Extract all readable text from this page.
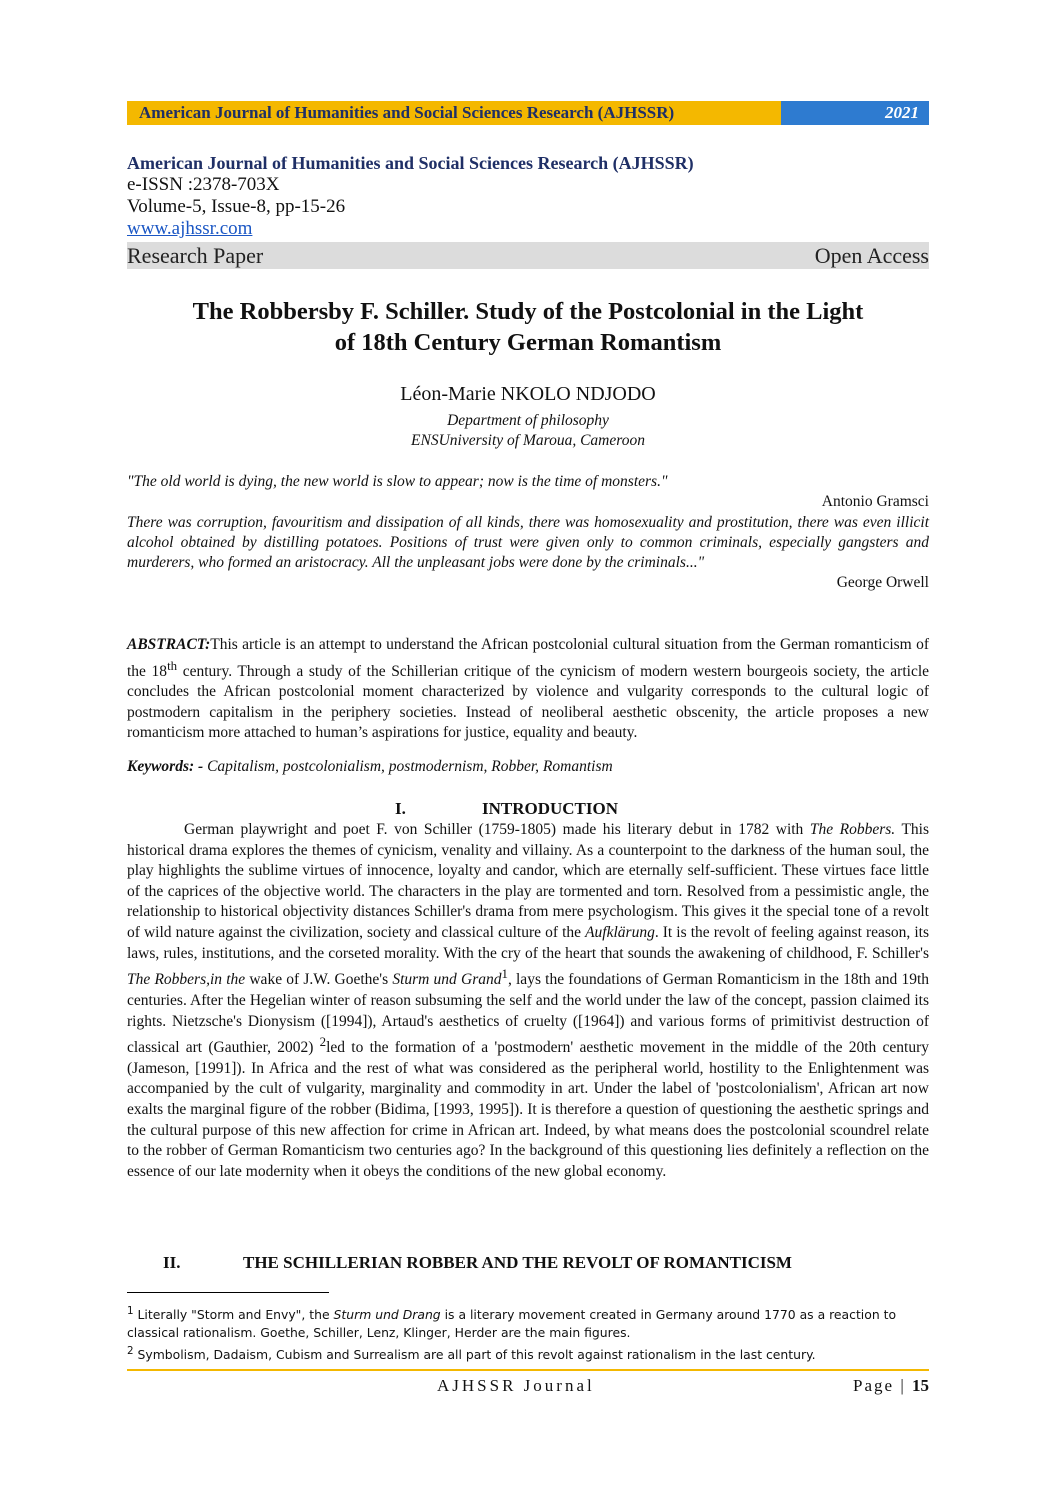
American Journal of Humanities and Social Sciences Research (AJHSSR)	2021
American Journal of Humanities and Social Sciences Research (AJHSSR)
e-ISSN :2378-703X
Volume-5, Issue-8, pp-15-26
www.ajhssr.com
Research Paper	Open Access
The Robbersby F. Schiller. Study of the Postcolonial in the Light
of 18th Century German Romantism
Léon-Marie NKOLO NDJODO
Department of philosophy
ENSUniversity of Maroua, Cameroon
"The old world is dying, the new world is slow to appear; now is the time of monsters."
Antonio Gramsci
There was corruption, favouritism and dissipation of all kinds, there was homosexuality and prostitution, there was even illicit alcohol obtained by distilling potatoes. Positions of trust were given only to common criminals, especially gangsters and murderers, who formed an aristocracy. All the unpleasant jobs were done by the criminals..."
George Orwell
ABSTRACT:This article is an attempt to understand the African postcolonial cultural situation from the German romanticism of the 18th century. Through a study of the Schillerian critique of the cynicism of modern western bourgeois society, the article concludes the African postcolonial moment characterized by violence and vulgarity corresponds to the cultural logic of postmodern capitalism in the periphery societies. Instead of neoliberal aesthetic obscenity, the article proposes a new romanticism more attached to human’s aspirations for justice, equality and beauty.
Keywords: - Capitalism, postcolonialism, postmodernism, Robber, Romantism
I.	INTRODUCTION
German playwright and poet F. von Schiller (1759-1805) made his literary debut in 1782 with The Robbers. This historical drama explores the themes of cynicism, venality and villainy. As a counterpoint to the darkness of the human soul, the play highlights the sublime virtues of innocence, loyalty and candor, which are eternally self-sufficient. These virtues face little of the caprices of the objective world. The characters in the play are tormented and torn. Resolved from a pessimistic angle, the relationship to historical objectivity distances Schiller's drama from mere psychologism. This gives it the special tone of a revolt of wild nature against the civilization, society and classical culture of the Aufklärung. It is the revolt of feeling against reason, its laws, rules, institutions, and the corseted morality. With the cry of the heart that sounds the awakening of childhood, F. Schiller's The Robbers,in the wake of J.W. Goethe's Sturm und Grand$^1$, lays the foundations of German Romanticism in the 18th and 19th centuries. After the Hegelian winter of reason subsuming the self and the world under the law of the concept, passion claimed its rights. Nietzsche's Dionysism ([1994]), Artaud's aesthetics of cruelty ([1964]) and various forms of primitivist destruction of classical art (Gauthier, 2002) $^2$led to the formation of a 'postmodern' aesthetic movement in the middle of the 20th century (Jameson, [1991]). In Africa and the rest of what was considered as the peripheral world, hostility to the Enlightenment was accompanied by the cult of vulgarity, marginality and commodity in art. Under the label of 'postcolonialism', African art now exalts the marginal figure of the robber (Bidima, [1993, 1995]). It is therefore a question of questioning the aesthetic springs and the cultural purpose of this new affection for crime in African art. Indeed, by what means does the postcolonial scoundrel relate to the robber of German Romanticism two centuries ago? In the background of this questioning lies definitely a reflection on the essence of our late modernity when it obeys the conditions of the new global economy.
II.	THE SCHILLERIAN ROBBER AND THE REVOLT OF ROMANTICISM
$^1$ Literally "Storm and Envy", the Sturm und Drang is a literary movement created in Germany around 1770 as a reaction to classical rationalism. Goethe, Schiller, Lenz, Klinger, Herder are the main figures.
$^2$ Symbolism, Dadaism, Cubism and Surrealism are all part of this revolt against rationalism in the last century.
AJHSSR Journal	Page | 15
